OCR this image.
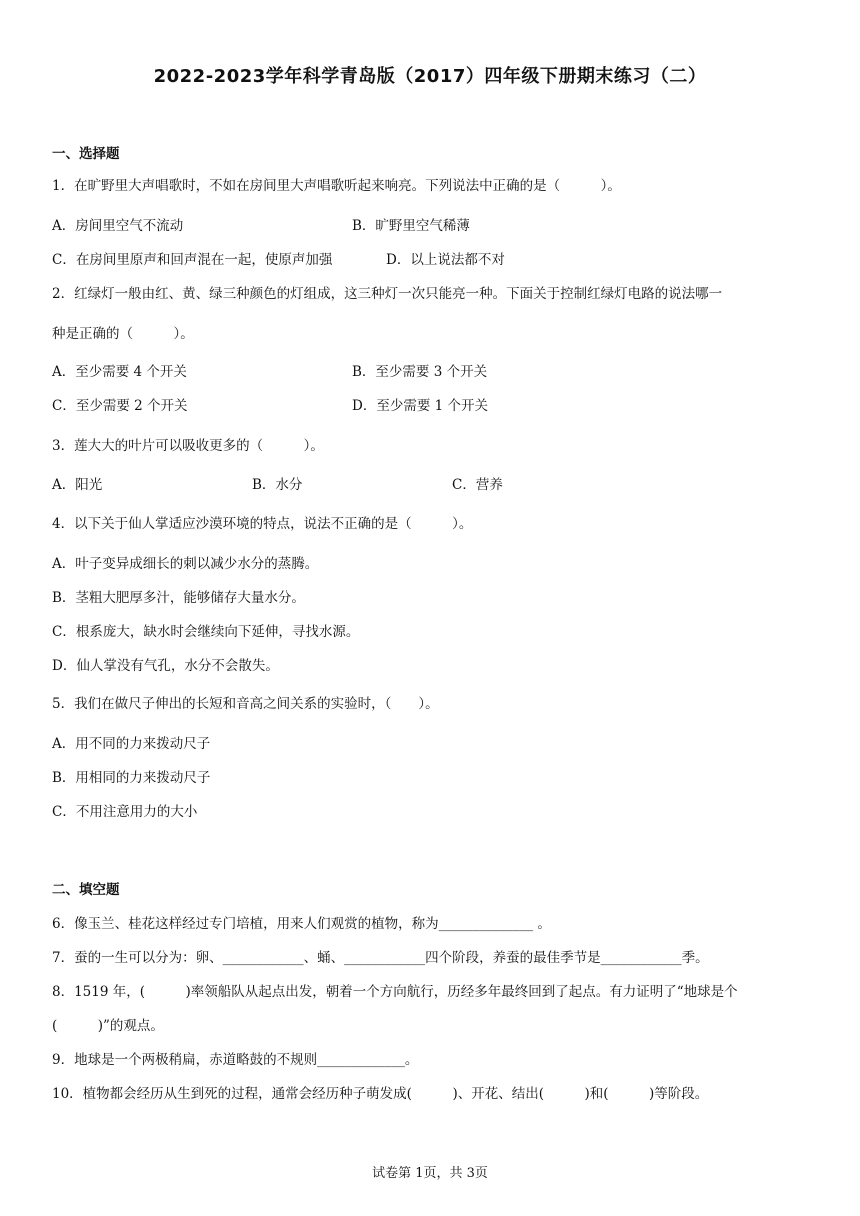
2022-2023学年科学青岛版（2017）四年级下册期末练习（二）
一、选择题
1．在旷野里大声唱歌时，不如在房间里大声唱歌听起来响亮。下列说法中正确的是（　　　）。
A．房间里空气不流动	B．旷野里空气稀薄
C．在房间里原声和回声混在一起，使原声加强	D．以上说法都不对
2．红绿灯一般由红、黄、绿三种颜色的灯组成，这三种灯一次只能亮一种。下面关于控制红绿灯电路的说法哪一
种是正确的（　　　）。
A．至少需要 4 个开关	B．至少需要 3 个开关
C．至少需要 2 个开关	D．至少需要 1 个开关
3．莲大大的叶片可以吸收更多的（　　　）。
A．阳光	B．水分	C．营养
4．以下关于仙人掌适应沙漠环境的特点，说法不正确的是（　　　）。
A．叶子变异成细长的刺以减少水分的蒸腾。
B．茎粗大肥厚多汁，能够储存大量水分。
C．根系庞大，缺水时会继续向下延伸，寻找水源。
D．仙人掌没有气孔，水分不会散失。
5．我们在做尺子伸出的长短和音高之间关系的实验时，（　　）。
A．用不同的力来拨动尺子
B．用相同的力来拨动尺子
C．不用注意用力的大小
二、填空题
6．像玉兰、桂花这样经过专门培植，用来人们观赏的植物，称为______________ 。
7．蚕的一生可以分为：卵、____________、蛹、____________四个阶段，养蚕的最佳季节是____________季。
8．1519 年，(　　　)率领船队从起点出发，朝着一个方向航行，历经多年最终回到了起点。有力证明了“地球是个
(　　　)”的观点。
9．地球是一个两极稍扁，赤道略鼓的不规则_____________。
10．植物都会经历从生到死的过程，通常会经历种子萌发成(　　　)、开花、结出(　　　)和(　　　)等阶段。
试卷第 1页，共 3页
